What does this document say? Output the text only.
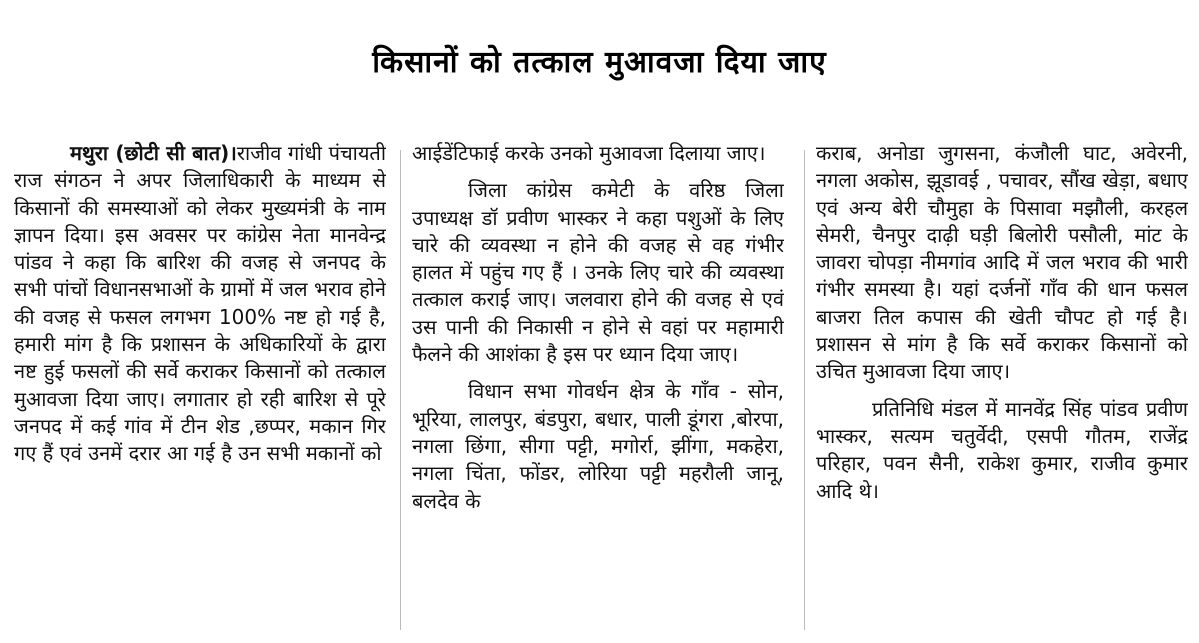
किसानों को तत्काल मुआवजा दिया जाए

मथुरा (छोटी सी बात)।राजीव गांधी पंचायती राज संगठन ने अपर जिलाधिकारी के माध्यम से किसानों की समस्याओं को लेकर मुख्यमंत्री के नाम ज्ञापन दिया। इस अवसर पर कांग्रेस नेता मानवेन्द्र पांडव ने कहा कि बारिश की वजह से जनपद के सभी पांचों विधानसभाओं के ग्रामों में जल भराव होने की वजह से फसल लगभग 100% नष्ट हो गई है, हमारी मांग है कि प्रशासन के अधिकारियों के द्वारा नष्ट हुई फसलों की सर्वे कराकर किसानों को तत्काल मुआवजा दिया जाए। लगातार हो रही बारिश से पूरे जनपद में कई गांव में टीन शेड ,छप्पर, मकान गिर गए हैं एवं उनमें दरार आ गई है उन सभी मकानों को

आईडेंटिफाई करके उनको मुआवजा दिलाया जाए।

जिला कांग्रेस कमेटी के वरिष्ठ जिला उपाध्यक्ष डॉ प्रवीण भास्कर ने कहा पशुओं के लिए चारे की व्यवस्था न होने की वजह से वह गंभीर हालत में पहुंच गए हैं । उनके लिए चारे की व्यवस्था तत्काल कराई जाए। जलवारा होने की वजह से एवं उस पानी की निकासी न होने से वहां पर महामारी फैलने की आशंका है इस पर ध्यान दिया जाए।

विधान सभा गोवर्धन क्षेत्र के गाँव - सोन, भूरिया, लालपुर, बंडपुरा, बधार, पाली डूंगरा ,बोरपा, नगला छिंगा, सीगा पट्टी, मगोर्रा, झींगा, मकहेरा, नगला चिंता, फोंडर, लोरिया पट्टी महरौली जानू, बलदेव के

कराब, अनोडा जुगसना, कंजौली घाट, अवेरनी, नगला अकोस, झूडावई , पचावर, सौंख खेड़ा, बधाए एवं अन्य बेरी चौमुहा के पिसावा मझौली, करहल सेमरी, चैनपुर दाढ़ी घड़ी बिलोरी पसौली, मांट के जावरा चोपड़ा नीमगांव आदि में जल भराव की भारी गंभीर समस्या है। यहां दर्जनों गाँव की धान फसल बाजरा तिल कपास की खेती चौपट हो गई है। प्रशासन से मांग है कि सर्वे कराकर किसानों को उचित मुआवजा दिया जाए।

प्रतिनिधि मंडल में मानवेंद्र सिंह पांडव प्रवीण भास्कर, सत्यम चतुर्वेदी, एसपी गौतम, राजेंद्र परिहार, पवन सैनी, राकेश कुमार, राजीव कुमार आदि थे।
